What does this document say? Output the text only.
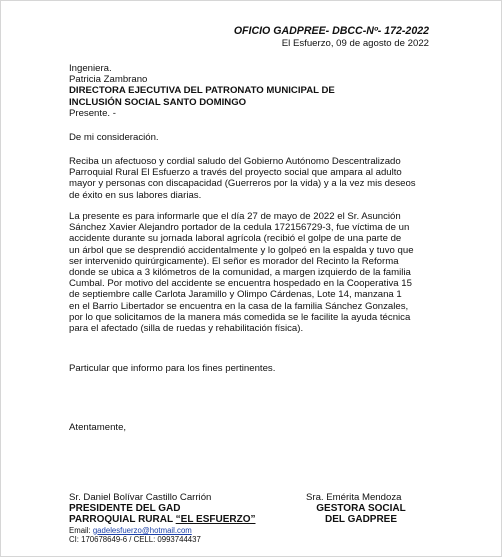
OFICIO GADPREE- DBCC-Nº- 172-2022
El Esfuerzo, 09 de agosto de 2022
Ingeniera.
Patricia Zambrano
DIRECTORA EJECUTIVA DEL PATRONATO MUNICIPAL DE
INCLUSIÓN SOCIAL SANTO DOMINGO
Presente. -
De mi consideración.
Reciba un afectuoso y cordial saludo del Gobierno Autónomo Descentralizado
Parroquial Rural El Esfuerzo a través del proyecto social que ampara al adulto
mayor y personas con discapacidad (Guerreros por la vida) y a la vez mis deseos
de éxito en sus labores diarias.
La presente es para informarle que el día 27 de mayo de 2022 el Sr. Asunción
Sánchez Xavier Alejandro portador de la cedula 172156729-3, fue víctima de un
accidente durante su jornada laboral agrícola (recibió el golpe de una parte de
un árbol que se desprendió accidentalmente y lo golpeó en la espalda y tuvo que
ser intervenido quirúrgicamente). El señor es morador del Recinto la Reforma
donde se ubica a 3 kilómetros de la comunidad, a margen izquierdo de la familia
Cumbal. Por motivo del accidente se encuentra hospedado en la Cooperativa 15
de septiembre calle Carlota Jaramillo y Olimpo Cárdenas, Lote 14, manzana 1
en el Barrio Libertador se encuentra en la casa de la familia Sánchez Gonzales,
por lo que solicitamos de la manera más comedida se le facilite la ayuda técnica
para el afectado (silla de ruedas y rehabilitación física).
Particular que informo para los fines pertinentes.
Atentamente,
Sr. Daniel Bolívar Castillo Carrión
PRESIDENTE DEL GAD
PARROQUIAL RURAL “EL ESFUERZO”
Email: gadelesfuerzo@hotmail.com
CI: 170678649-6 / CELL: 0993744437
Sra. Emérita Mendoza
GESTORA SOCIAL
DEL GADPREE
